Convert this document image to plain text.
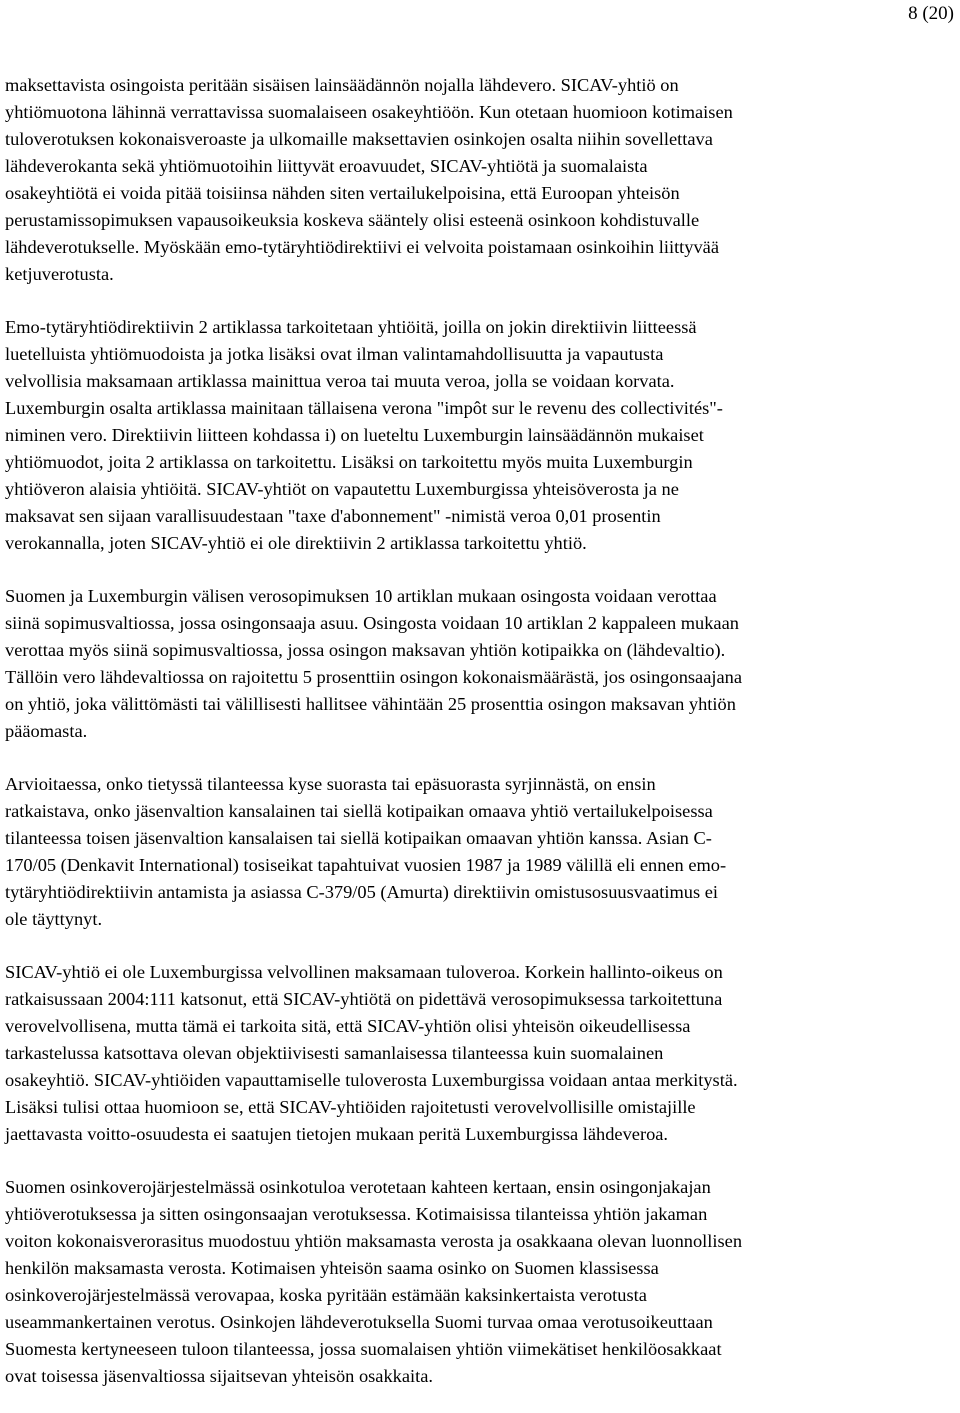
8 (20)
maksettavista osingoista peritään sisäisen lainsäädännön nojalla lähdevero. SICAV-yhtiö on
yhtiömuotona lähinnä verrattavissa suomalaiseen osakeyhtiöön. Kun otetaan huomioon kotimaisen
tuloverotuksen kokonaisveroaste ja ulkomaille maksettavien osinkojen osalta niihin sovellettava
lähdeverokanta sekä yhtiömuotoihin liittyvät eroavuudet, SICAV-yhtiötä ja suomalaista
osakeyhtiötä ei voida pitää toisiinsa nähden siten vertailukelpoisina, että Euroopan yhteisön
perustamissopimuksen vapausoikeuksia koskeva sääntely olisi esteenä osinkoon kohdistuvalle
lähdeverotukselle. Myöskään emo-tytäryhtiödirektiivi ei velvoita poistamaan osinkoihin liittyvää
ketjuverotusta.
Emo-tytäryhtiödirektiivin 2 artiklassa tarkoitetaan yhtiöitä, joilla on jokin direktiivin liitteessä
luetelluista yhtiömuodoista ja jotka lisäksi ovat ilman valintamahdollisuutta ja vapautusta
velvollisia maksamaan artiklassa mainittua veroa tai muuta veroa, jolla se voidaan korvata.
Luxemburgin osalta artiklassa mainitaan tällaisena verona "impôt sur le revenu des collectivités"-
niminen vero. Direktiivin liitteen kohdassa i) on lueteltu Luxemburgin lainsäädännön mukaiset
yhtiömuodot, joita 2 artiklassa on tarkoitettu. Lisäksi on tarkoitettu myös muita Luxemburgin
yhtiöveron alaisia yhtiöitä. SICAV-yhtiöt on vapautettu Luxemburgissa yhteisöverosta ja ne
maksavat sen sijaan varallisuudestaan "taxe d'abonnement" -nimistä veroa 0,01 prosentin
verokannalla, joten SICAV-yhtiö ei ole direktiivin 2 artiklassa tarkoitettu yhtiö.
Suomen ja Luxemburgin välisen verosopimuksen 10 artiklan mukaan osingosta voidaan verottaa
siinä sopimusvaltiossa, jossa osingonsaaja asuu. Osingosta voidaan 10 artiklan 2 kappaleen mukaan
verottaa myös siinä sopimusvaltiossa, jossa osingon maksavan yhtiön kotipaikka on (lähdevaltio).
Tällöin vero lähdevaltiossa on rajoitettu 5 prosenttiin osingon kokonaismäärästä, jos osingonsaajana
on yhtiö, joka välittömästi tai välillisesti hallitsee vähintään 25 prosenttia osingon maksavan yhtiön
pääomasta.
Arvioitaessa, onko tietyssä tilanteessa kyse suorasta tai epäsuorasta syrjinnästä, on ensin
ratkaistava, onko jäsenvaltion kansalainen tai siellä kotipaikan omaava yhtiö vertailukelpoisessa
tilanteessa toisen jäsenvaltion kansalaisen tai siellä kotipaikan omaavan yhtiön kanssa. Asian C-
170/05 (Denkavit International) tosiseikat tapahtuivat vuosien 1987 ja 1989 välillä eli ennen emo-
tytäryhtiödirektiivin antamista ja asiassa C-379/05 (Amurta) direktiivin omistusosuusvaatimus ei
ole täyttynyt.
SICAV-yhtiö ei ole Luxemburgissa velvollinen maksamaan tuloveroa. Korkein hallinto-oikeus on
ratkaisussaan 2004:111 katsonut, että SICAV-yhtiötä on pidettävä verosopimuksessa tarkoitettuna
verovelvollisena, mutta tämä ei tarkoita sitä, että SICAV-yhtiön olisi yhteisön oikeudellisessa
tarkastelussa katsottava olevan objektiivisesti samanlaisessa tilanteessa kuin suomalainen
osakeyhtiö. SICAV-yhtiöiden vapauttamiselle tuloverosta Luxemburgissa voidaan antaa merkitystä.
Lisäksi tulisi ottaa huomioon se, että SICAV-yhtiöiden rajoitetusti verovelvollisille omistajille
jaettavasta voitto-osuudesta ei saatujen tietojen mukaan peritä Luxemburgissa lähdeveroa.
Suomen osinkoverojärjestelmässä osinkotuloa verotetaan kahteen kertaan, ensin osingonjakajan
yhtiöverotuksessa ja sitten osingonsaajan verotuksessa. Kotimaisissa tilanteissa yhtiön jakaman
voiton kokonaisverorasitus muodostuu yhtiön maksamasta verosta ja osakkaana olevan luonnollisen
henkilön maksamasta verosta. Kotimaisen yhteisön saama osinko on Suomen klassisessa
osinkoverojärjestelmässä verovapaa, koska pyritään estämään kaksinkertaista verotusta
useammankertainen verotus. Osinkojen lähdeverotuksella Suomi turvaa omaa verotusoikeuttaan
Suomesta kertyneeseen tuloon tilanteessa, jossa suomalaisen yhtiön viimekätiset henkilöosakkaat
ovat toisessa jäsenvaltiossa sijaitsevan yhteisön osakkaita.
